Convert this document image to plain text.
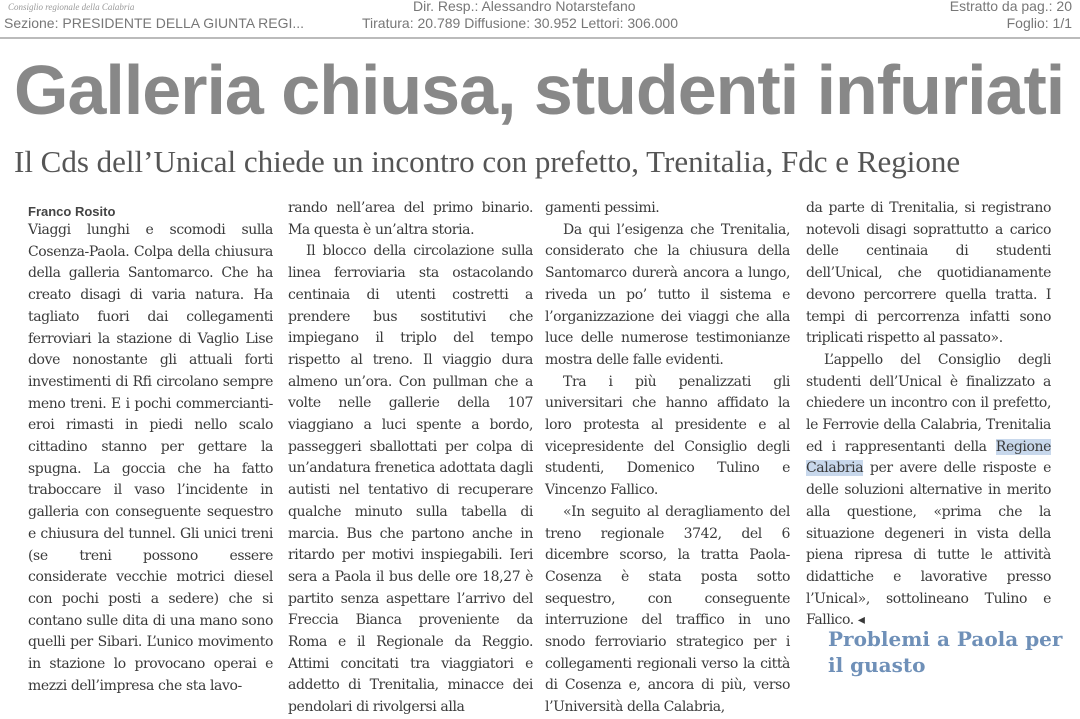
Consiglio regionale della Calabria
Sezione: PRESIDENTE DELLA GIUNTA REGI...
Dir. Resp.: Alessandro Notarstefano
Tiratura: 20.789 Diffusione: 30.952 Lettori: 306.000
Estratto da pag.: 20
Foglio: 1/1
Galleria chiusa, studenti infuriati
Il Cds dell’Unical chiede un incontro con prefetto, Trenitalia, Fdc e Regione
Franco Rosito

Viaggi lunghi e scomodi sulla Cosenza-Paola. Colpa della chiusura della galleria Santomarco. Che ha creato disagi di varia natura. Ha tagliato fuori dai collegamenti ferroviari la stazione di Vaglio Lise dove nonostante gli attuali forti investimenti di Rfi circolano sempre meno treni. E i pochi commercianti-eroi rimasti in piedi nello scalo cittadino stanno per gettare la spugna. La goccia che ha fatto traboccare il vaso l’incidente in galleria con conseguente sequestro e chiusura del tunnel. Gli unici treni (se treni possono essere considerate vecchie motrici diesel con pochi posti a sedere) che si contano sulle dita di una mano sono quelli per Sibari. L’unico movimento in stazione lo provocano operai e mezzi dell’impresa che sta lavo-

rando nell’area del primo binario. Ma questa è un’altra storia.

Il blocco della circolazione sulla linea ferroviaria sta ostacolando centinaia di utenti costretti a prendere bus sostitutivi che impiegano il triplo del tempo rispetto al treno. Il viaggio dura almeno un’ora. Con pullman che a volte nelle gallerie della 107 viaggiano a luci spente a bordo, passeggeri sballottati per colpa di un’andatura frenetica adottata dagli autisti nel tentativo di recuperare qualche minuto sulla tabella di marcia. Bus che partono anche in ritardo per motivi inspiegabili. Ieri sera a Paola il bus delle ore 18,27 è partito senza aspettare l’arrivo del Freccia Bianca proveniente da Roma e il Regionale da Reggio. Attimi concitati tra viaggiatori e addetto di Trenitalia, minacce dei pendolari di rivolgersi alla

gamenti pessimi.

Da qui l’esigenza che Trenitalia, considerato che la chiusura della Santomarco durerà ancora a lungo, riveda un po’ tutto il sistema e l’organizzazione dei viaggi che alla luce delle numerose testimonianze mostra delle falle evidenti.

Tra i più penalizzati gli universitari che hanno affidato la loro protesta al presidente e al vicepresidente del Consiglio degli studenti, Domenico Tulino e Vincenzo Fallico.

«In seguito al deragliamento del treno regionale 3742, del 6 dicembre scorso, la tratta Paola-Cosenza è stata posta sotto sequestro, con conseguente interruzione del traffico in uno snodo ferroviario strategico per i collegamenti regionali verso la città di Cosenza e, ancora di più, verso l’Università della Calabria,

da parte di Trenitalia, si registrano notevoli disagi soprattutto a carico delle centinaia di studenti dell’Unical, che quotidianamente devono percorrere quella tratta. I tempi di percorrenza infatti sono triplicati rispetto al passato».

L’appello del Consiglio degli studenti dell’Unical è finalizzato a chiedere un incontro con il prefetto, le Ferrovie della Calabria, Trenitalia ed i rappresentanti della Regione Calabria per avere delle risposte e delle soluzioni alternative in merito alla questione, «prima che la situazione degeneri in vista della piena ripresa di tutte le attività didattiche e lavorative presso l’Unical», sottolineano Tulino e Fallico. ◂

Problemi a Paola per il guasto
